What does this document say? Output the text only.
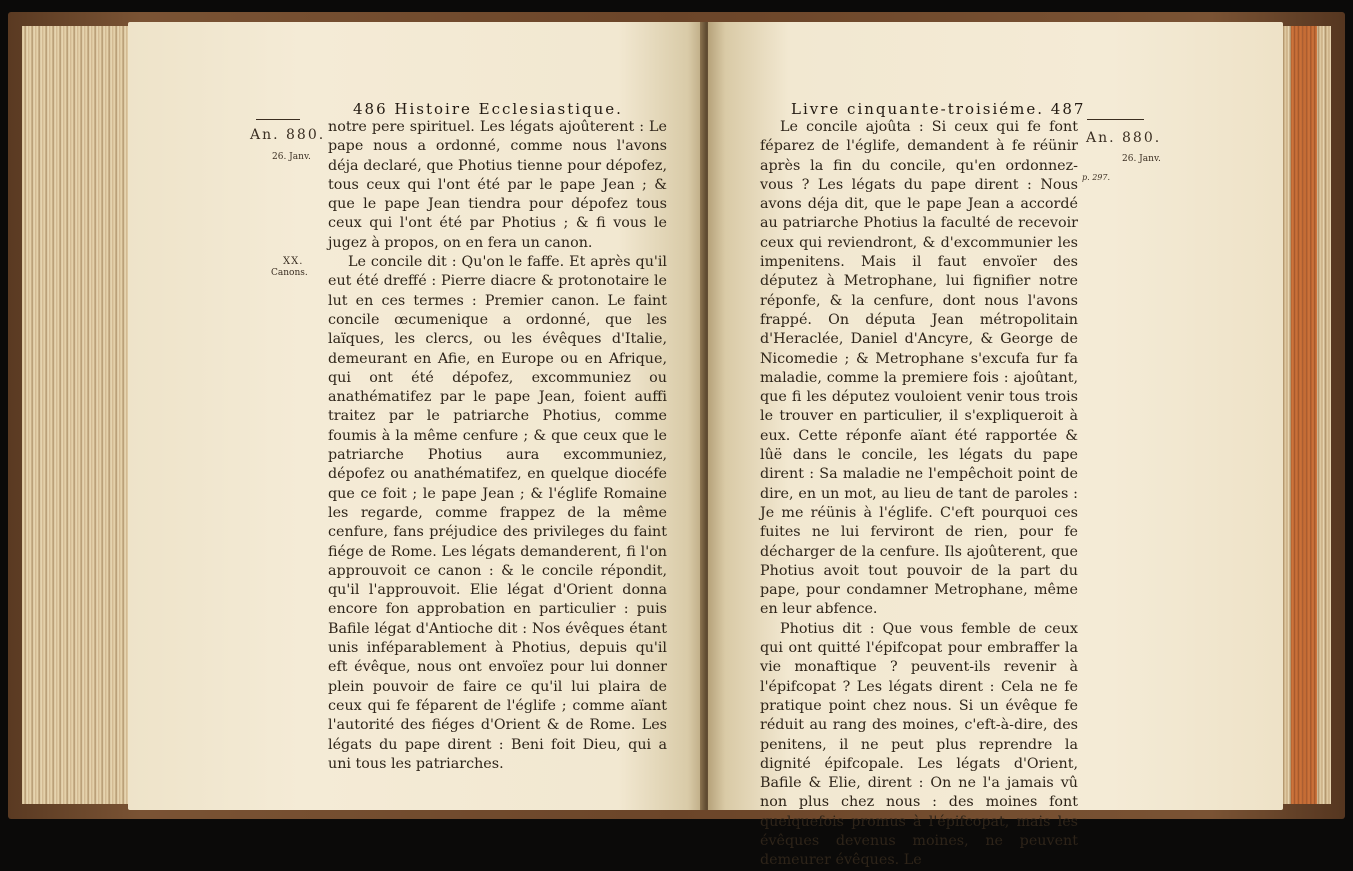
486 Histoire Ecclesiastique.
An. 880.
26. Janv.
XX.
Canons.

notre pere spirituel. Les légats ajoûterent : Le pape nous a ordonné, comme nous l'avons déja declaré, que Photius tienne pour dépofez, tous ceux qui l'ont été par le pape Jean ; & que le pape Jean tiendra pour dépofez tous ceux qui l'ont été par Photius ; & fi vous le jugez à propos, on en fera un canon.

Le concile dit : Qu'on le faffe. Et après qu'il eut été dreffé : Pierre diacre & protonotaire le lut en ces termes : Premier canon. Le faint concile œcumenique a ordonné, que les laïques, les clercs, ou les évêques d'Italie, demeurant en Afie, en Europe ou en Afrique, qui ont été dépofez, excommuniez ou anathématifez par le pape Jean, foient auffi traitez par le patriarche Photius, comme foumis à la même cenfure ; & que ceux que le patriarche Photius aura excommuniez, dépofez ou anathématifez, en quelque diocéfe que ce foit ; le pape Jean ; & l'églife Romaine les regarde, comme frappez de la même cenfure, fans préjudice des privileges du faint fiége de Rome. Les légats demanderent, fi l'on approuvoit ce canon : & le concile répondit, qu'il l'approuvoit. Elie légat d'Orient donna encore fon approbation en particulier : puis Bafile légat d'Antioche dit : Nos évêques étant unis inféparablement à Photius, depuis qu'il eft évêque, nous ont envoïez pour lui donner plein pouvoir de faire ce qu'il lui plaira de ceux qui fe féparent de l'églife ; comme aïant l'autorité des fiéges d'Orient & de Rome. Les légats du pape dirent : Beni foit Dieu, qui a uni tous les patriarches.

Livre cinquante-troisiéme. 487
An. 880.
26. Janv.
p. 297.

Le concile ajoûta : Si ceux qui fe font féparez de l'églife, demandent à fe réünir après la fin du concile, qu'en ordonnez-vous ? Les légats du pape dirent : Nous avons déja dit, que le pape Jean a accordé au patriarche Photius la faculté de recevoir ceux qui reviendront, & d'excommunier les impenitens. Mais il faut envoïer des députez à Metrophane, lui fignifier notre réponfe, & la cenfure, dont nous l'avons frappé. On députa Jean métropolitain d'Heraclée, Daniel d'Ancyre, & George de Nicomedie ; & Metrophane s'excufa fur fa maladie, comme la premiere fois : ajoûtant, que fi les députez vouloient venir tous trois le trouver en particulier, il s'expliqueroit à eux. Cette réponfe aïant été rapportée & lûë dans le concile, les légats du pape dirent : Sa maladie ne l'empêchoit point de dire, en un mot, au lieu de tant de paroles : Je me réünis à l'églife. C'eft pourquoi ces fuites ne lui ferviront de rien, pour fe décharger de la cenfure. Ils ajoûterent, que Photius avoit tout pouvoir de la part du pape, pour condamner Metrophane, même en leur abfence.

Photius dit : Que vous femble de ceux qui ont quitté l'épifcopat pour embraffer la vie monaftique ? peuvent-ils revenir à l'épifcopat ? Les légats dirent : Cela ne fe pratique point chez nous. Si un évêque fe réduit au rang des moines, c'eft-à-dire, des penitens, il ne peut plus reprendre la dignité épifcopale. Les légats d'Orient, Bafile & Elie, dirent : On ne l'a jamais vû non plus chez nous : des moines font quelquefois promus à l'épifcopat, mais les évêques devenus moines, ne peuvent demeurer évêques. Le
